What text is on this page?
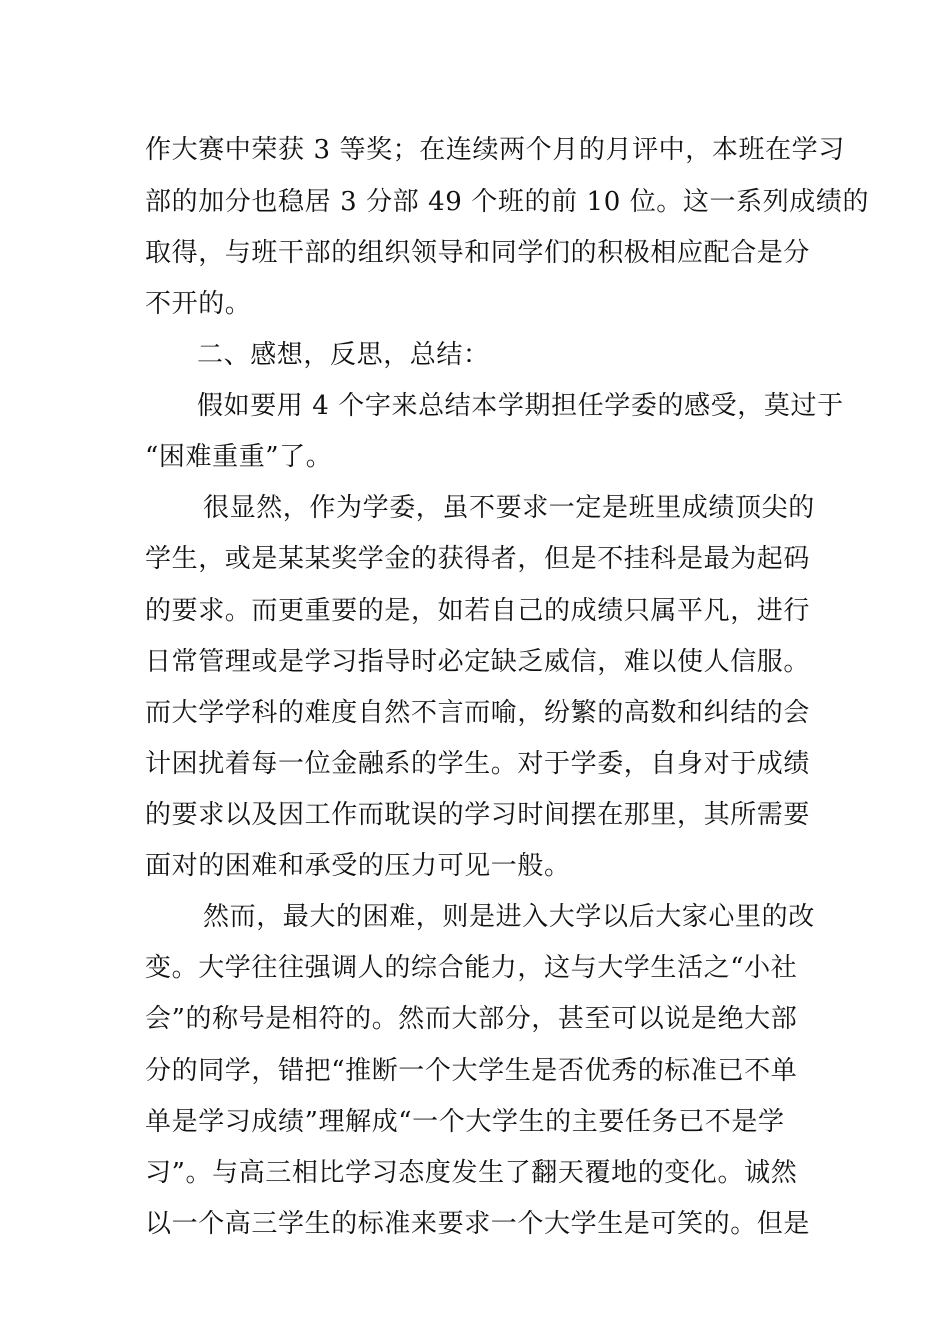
作大赛中荣获 3 等奖；在连续两个月的月评中，本班在学习
部的加分也稳居 3 分部 49 个班的前 10 位。这一系列成绩的
取得，与班干部的组织领导和同学们的积极相应配合是分
不开的。
二、感想，反思，总结：
假如要用 4 个字来总结本学期担任学委的感受，莫过于
“困难重重”了。
很显然，作为学委，虽不要求一定是班里成绩顶尖的
学生，或是某某奖学金的获得者，但是不挂科是最为起码
的要求。而更重要的是，如若自己的成绩只属平凡，进行
日常管理或是学习指导时必定缺乏威信，难以使人信服。
而大学学科的难度自然不言而喻，纷繁的高数和纠结的会
计困扰着每一位金融系的学生。对于学委，自身对于成绩
的要求以及因工作而耽误的学习时间摆在那里，其所需要
面对的困难和承受的压力可见一般。
然而，最大的困难，则是进入大学以后大家心里的改
变。大学往往强调人的综合能力，这与大学生活之“小社
会”的称号是相符的。然而大部分，甚至可以说是绝大部
分的同学，错把“推断一个大学生是否优秀的标准已不单
单是学习成绩”理解成“一个大学生的主要任务已不是学
习”。与高三相比学习态度发生了翻天覆地的变化。诚然
以一个高三学生的标准来要求一个大学生是可笑的。但是
